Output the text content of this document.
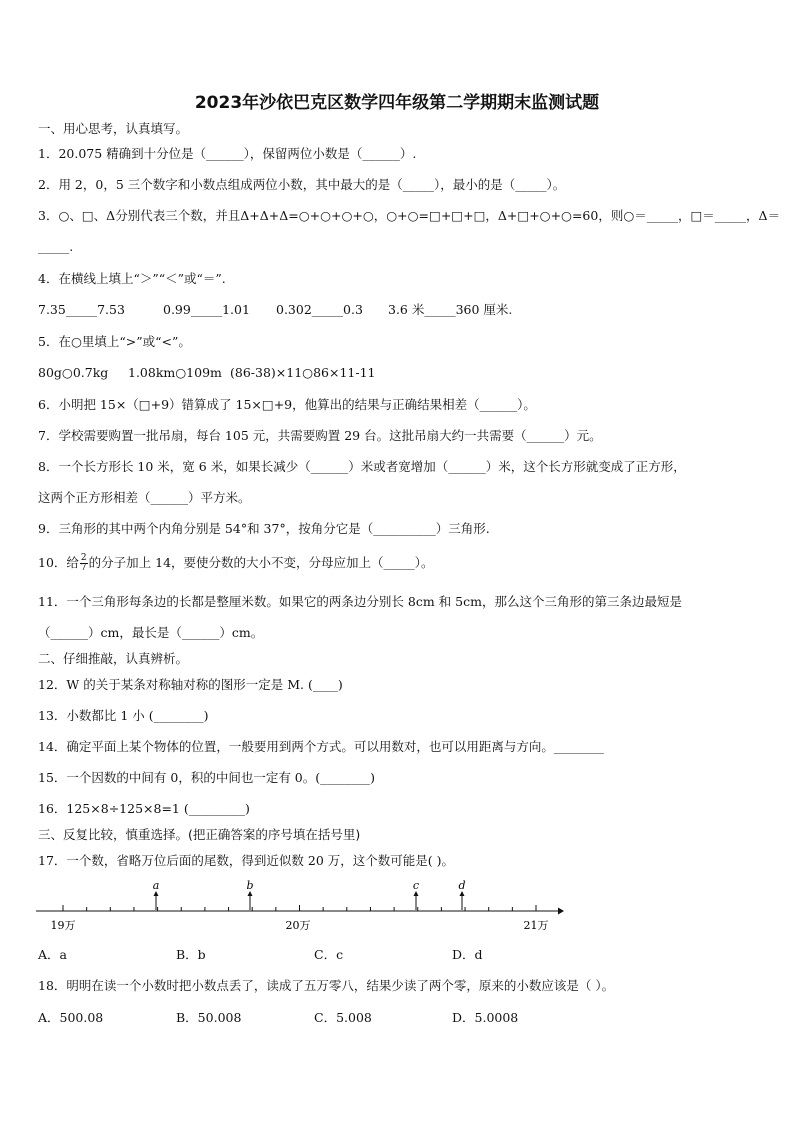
2023年沙依巴克区数学四年级第二学期期末监测试题
一、用心思考，认真填写。
1．20.075 精确到十分位是（______），保留两位小数是（______）.
2．用 2，0，5 三个数字和小数点组成两位小数，其中最大的是（_____），最小的是（_____）。
3．○、□、Δ分别代表三个数，并且Δ+Δ+Δ=○+○+○+○，○+○=□+□+□，Δ+□+○+○=60，则○＝_____，□＝_____，Δ＝
_____.
4．在横线上填上“＞”“＜”或“＝”.
7.35_____7.53	0.99_____1.01 0.302_____0.3 3.6 米_____360 厘米.
5．在○里填上“>”或“<”。
80g○0.7kg 1.08km○109m (86-38)×11○86×11-11
6．小明把 15×（□+9）错算成了 15×□+9，他算出的结果与正确结果相差（______）。
7．学校需要购置一批吊扇，每台 105 元，共需要购置 29 台。这批吊扇大约一共需要（______）元。
8．一个长方形长 10 米，宽 6 米，如果长减少（______）米或者宽增加（______）米，这个长方形就变成了正方形，
这两个正方形相差（______）平方米。
9．三角形的其中两个内角分别是 54°和 37°，按角分它是（__________）三角形.
10．给 $\frac{2}{7}$ 的分子加上 14，要使分数的大小不变，分母应加上（_____）。
11．一个三角形每条边的长都是整厘米数。如果它的两条边分别长 8cm 和 5cm，那么这个三角形的第三条边最短是
（______）cm，最长是（______）cm。
二、仔细推敲，认真辨析。
12．W 的关于某条对称轴对称的图形一定是 M. (____)
13．小数都比 1 小 (________)
14．确定平面上某个物体的位置，一般要用到两个方式。可以用数对，也可以用距离与方向。________
15．一个因数的中间有 0，积的中间也一定有 0。(________)
16．125×8÷125×8=1 (_________)
三、反复比较，慎重选择。(把正确答案的序号填在括号里)
17．一个数，省略万位后面的尾数，得到近似数 20 万，这个数可能是( )。
19万	20万	21万
a	b	c	d
A．a	B．b	C．c	D．d
18．明明在读一个小数时把小数点丢了，读成了五万零八，结果少读了两个零，原来的小数应该是（ ）。
A．500.08	B．50.008	C．5.008	D．5.0008
